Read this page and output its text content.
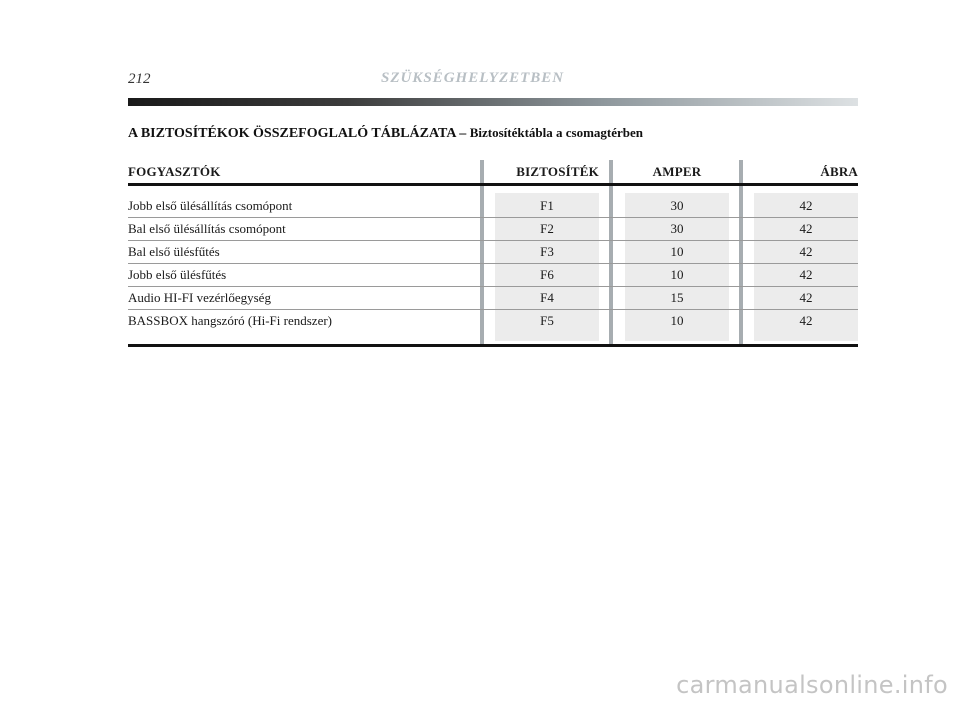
212	SZÜKSÉGHELYZETBEN
A BIZTOSÍTÉKOK ÖSSZEFOGLALÓ TÁBLÁZATA – Biztosítéktábla a csomagtérben
FOGYASZTÓK	BIZTOSÍTÉK	AMPER	ÁBRA
Jobb első ülésállítás csomópont	F1	30	42
Bal első ülésállítás csomópont	F2	30	42
Bal első ülésfűtés	F3	10	42
Jobb első ülésfűtés	F6	10	42
Audio HI-FI vezérlőegység	F4	15	42
BASSBOX hangszóró (Hi-Fi rendszer)	F5	10	42
carmanualsonline.info
